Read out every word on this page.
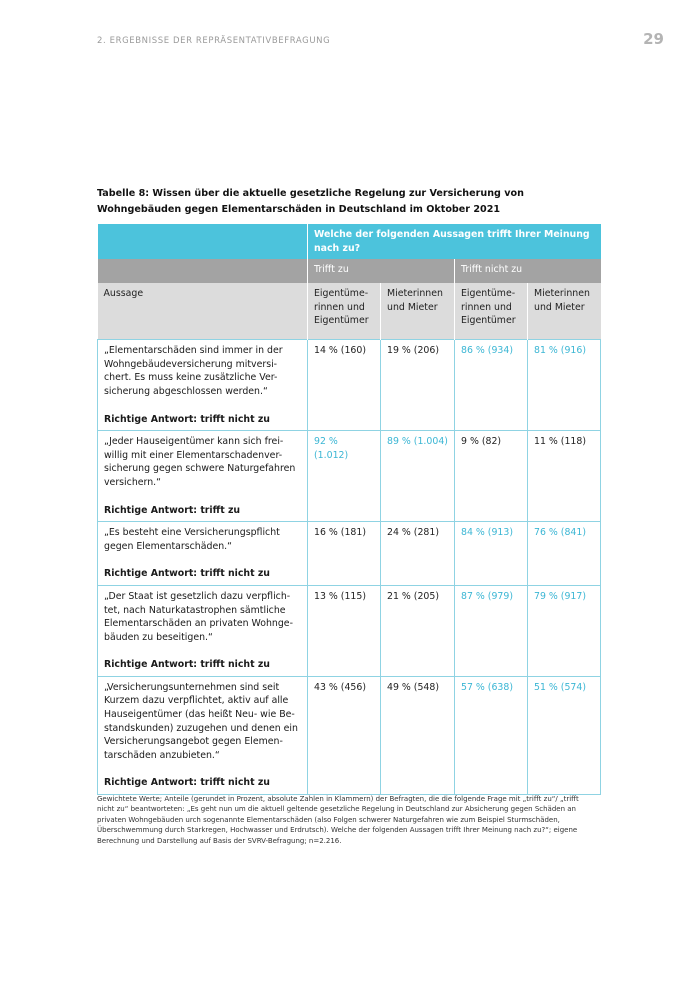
2. ERGEBNISSE DER REPRÄSENTATIVBEFRAGUNG	29
Tabelle 8: Wissen über die aktuelle gesetzliche Regelung zur Versicherung von Wohngebäuden gegen Elementarschäden in Deutschland im Oktober 2021
	Welche der folgenden Aussagen trifft Ihrer Meinung nach zu?			
	Trifft zu		Trifft nicht zu	
Aussage	Eigentüme-rinnen und Eigentümer	Mieterinnen und Mieter	Eigentüme-rinnen und Eigentümer	Mieterinnen und Mieter

„Elementarschäden sind immer in der Wohngebäudeversicherung mitversi-chert. Es muss keine zusätzliche Ver-sicherung abgeschlossen werden.“
Richtige Antwort: trifft nicht zu	14 % (160)	19 % (206)	86 % (934)	81 % (916)

„Jeder Hauseigentümer kann sich frei-willig mit einer Elementarschadenver-sicherung gegen schwere Naturgefahren versichern.“
Richtige Antwort: trifft zu	92 % (1.012)	89 % (1.004)	9 % (82)	11 % (118)

„Es besteht eine Versicherungspflicht gegen Elementarschäden.“
Richtige Antwort: trifft nicht zu	16 % (181)	24 % (281)	84 % (913)	76 % (841)

„Der Staat ist gesetzlich dazu verpflich-tet, nach Naturkatastrophen sämtliche Elementarschäden an privaten Wohnge-bäuden zu beseitigen.“
Richtige Antwort: trifft nicht zu	13 % (115)	21 % (205)	87 % (979)	79 % (917)

„Versicherungsunternehmen sind seit Kurzem dazu verpflichtet, aktiv auf alle Hauseigentümer (das heißt Neu- wie Be-standskunden) zuzugehen und denen ein Versicherungsangebot gegen Elemen-tarschäden anzubieten.“
Richtige Antwort: trifft nicht zu	43 % (456)	49 % (548)	57 % (638)	51 % (574)
Gewichtete Werte; Anteile (gerundet in Prozent, absolute Zahlen in Klammern) der Befragten, die die folgende Frage mit „trifft zu“/ „trifft nicht zu“ beantworteten: „Es geht nun um die aktuell geltende gesetzliche Regelung in Deutschland zur Absicherung gegen Schäden an privaten Wohngebäuden urch sogenannte Elementarschäden (also Folgen schwerer Naturgefahren wie zum Beispiel Sturmschäden, Überschwemmung durch Starkregen, Hochwasser und Erdrutsch). Welche der folgenden Aussagen trifft Ihrer Meinung nach zu?“; eigene Berechnung und Darstellung auf Basis der SVRV-Befragung; n=2.216.
